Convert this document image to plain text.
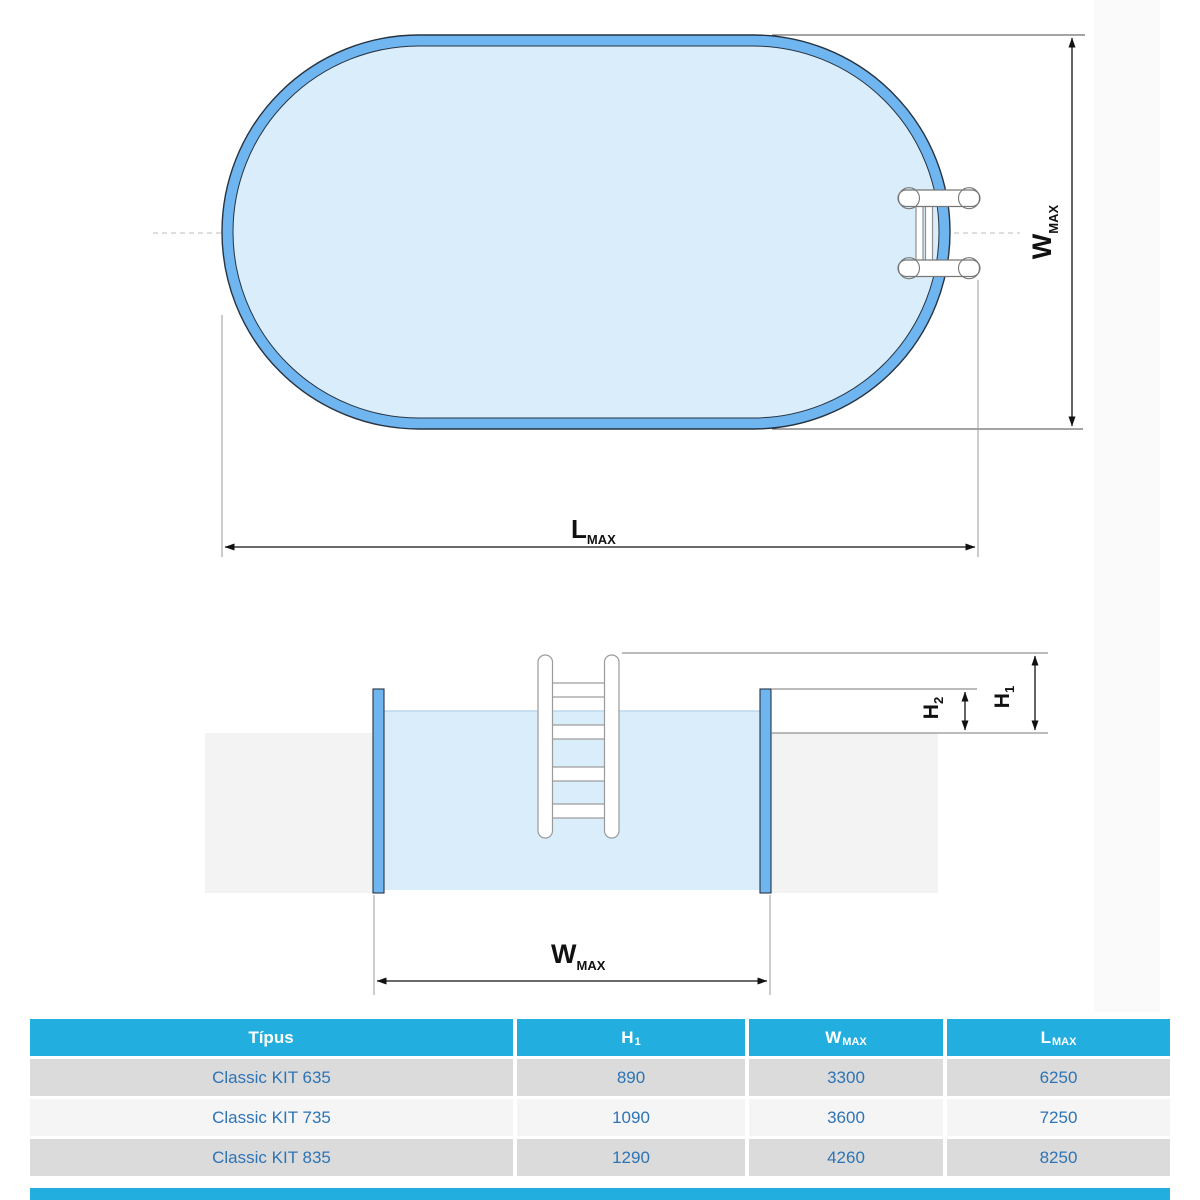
$W_{MAX}$
$L_{MAX}$
$H_1$
$H_2$
$W_{MAX}$
Típus	H 1	W MAX	L MAX
Classic KIT 635	890	3300	6250
Classic KIT 735	1090	3600	7250
Classic KIT 835	1290	4260	8250
